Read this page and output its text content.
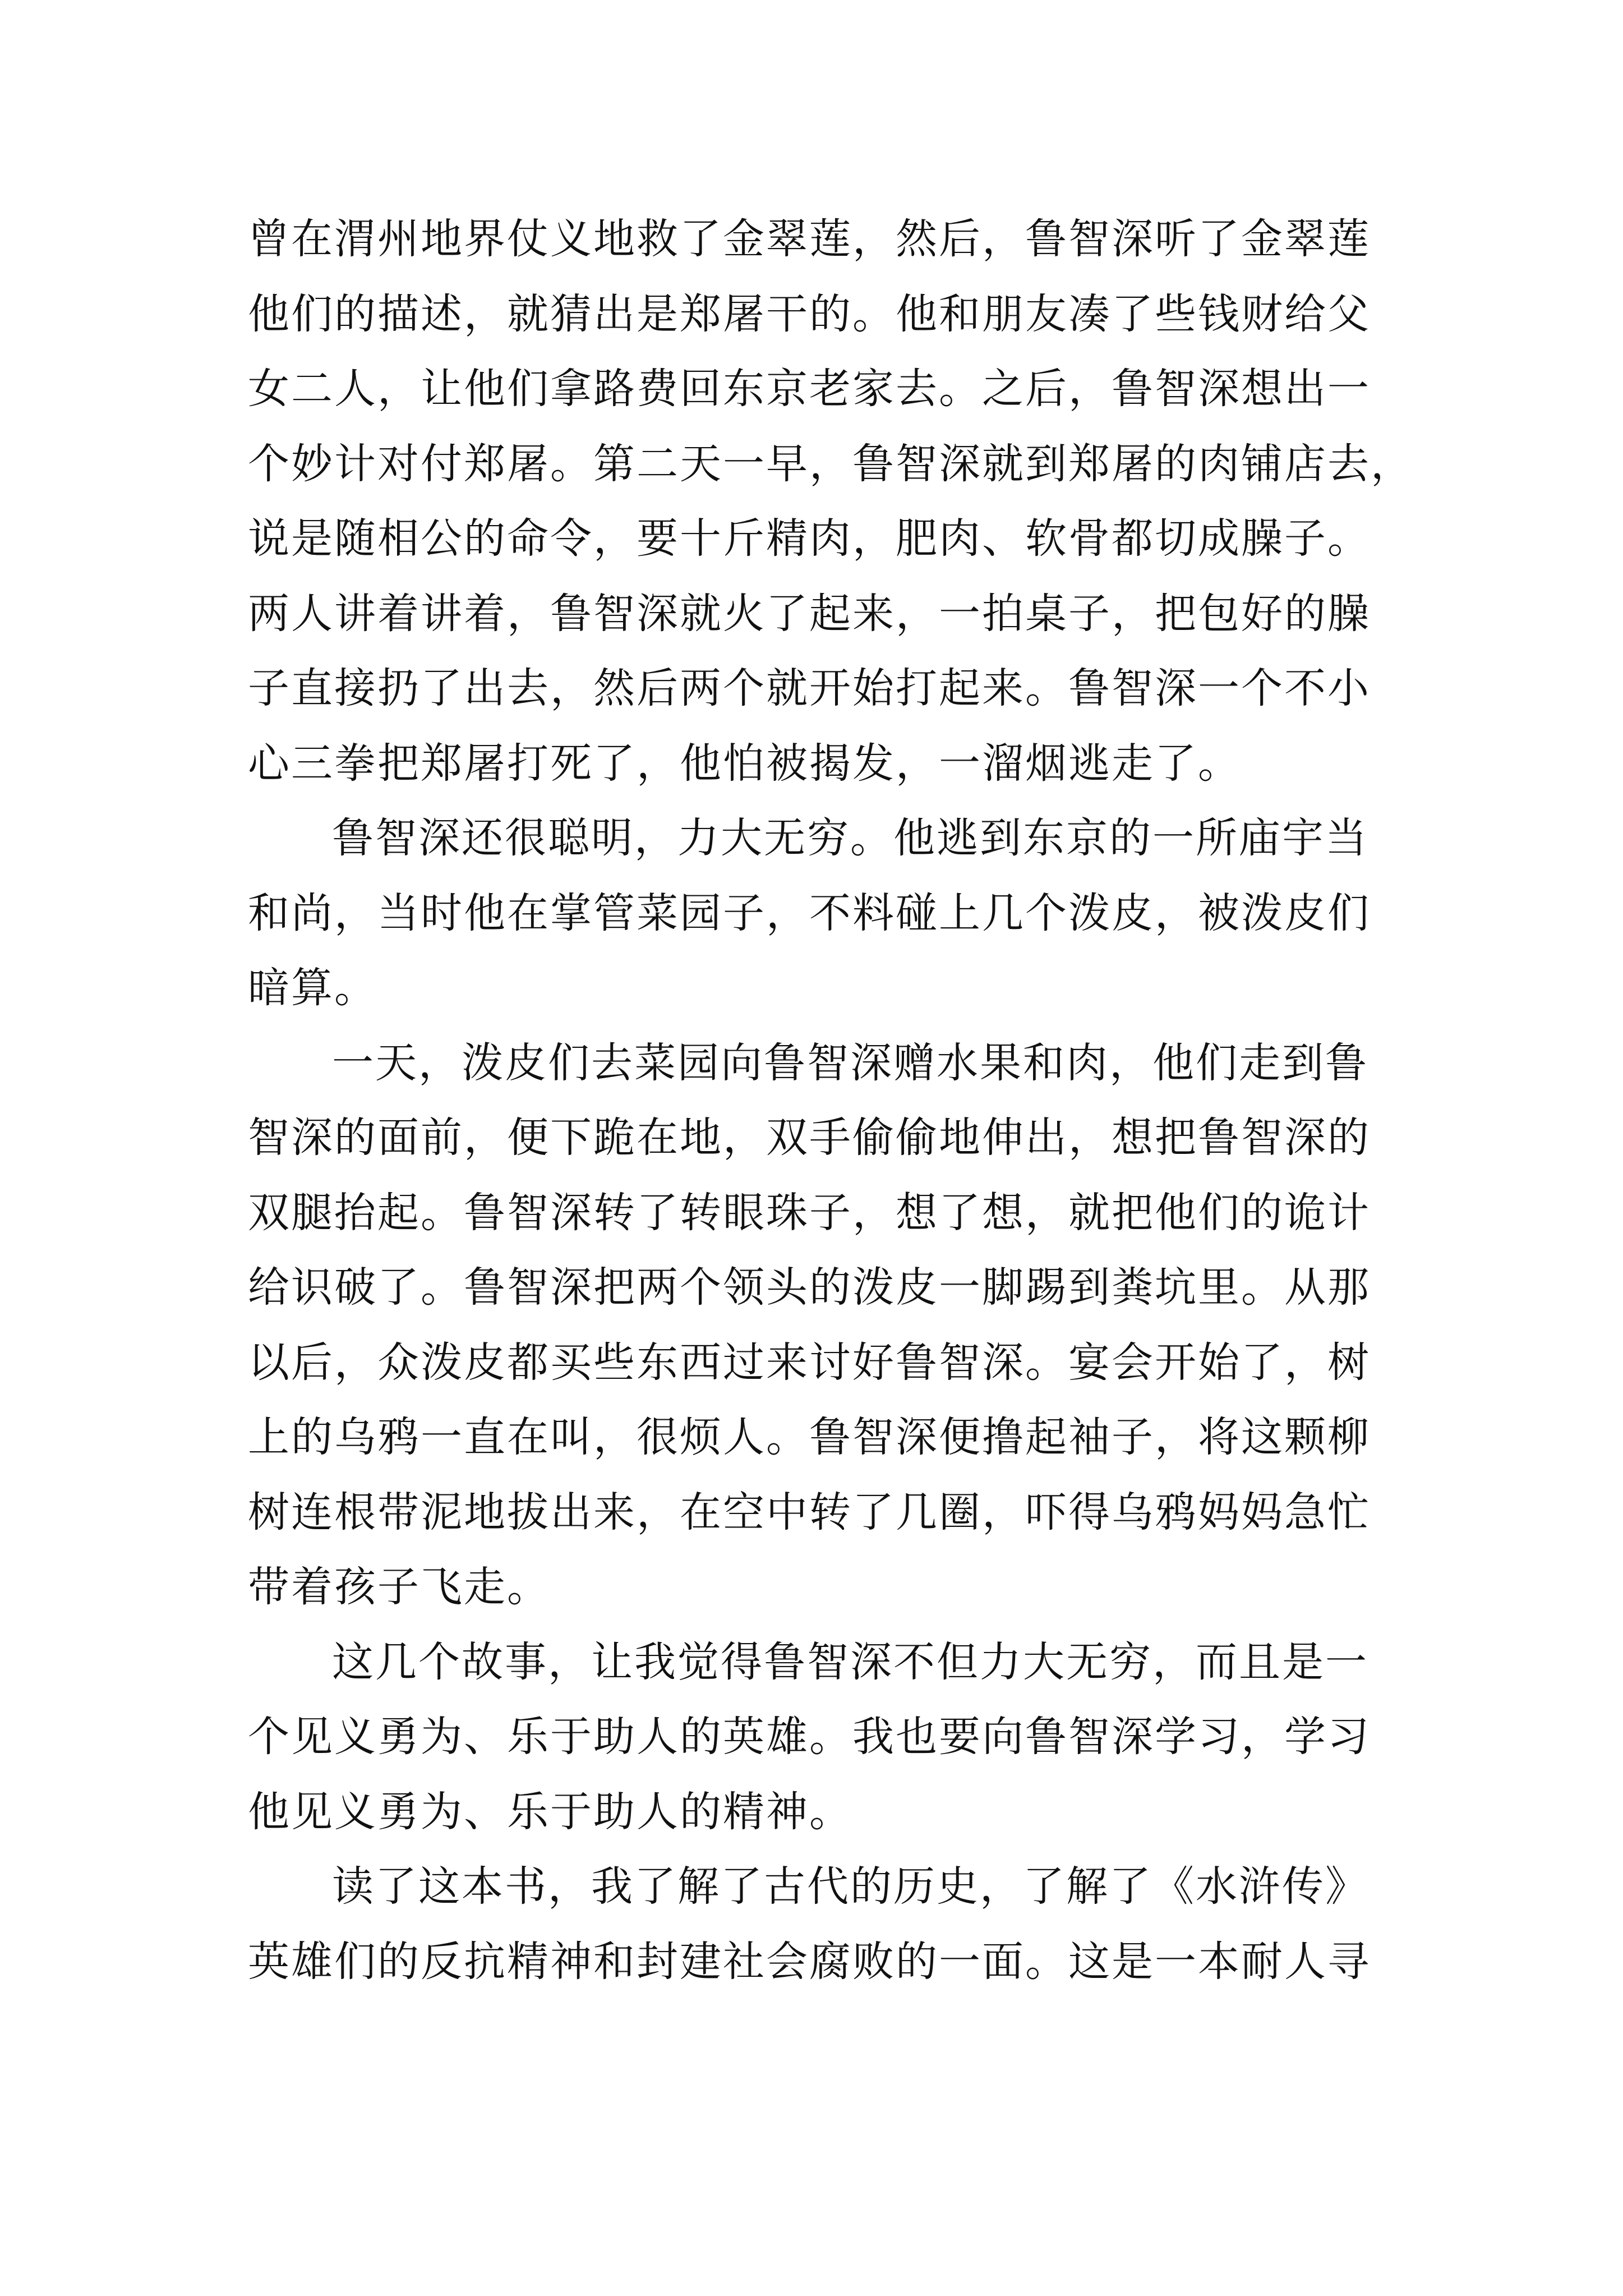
曾在渭州地界仗义地救了金翠莲，然后，鲁智深听了金翠莲
他们的描述，就猜出是郑屠干的。他和朋友凑了些钱财给父
女二人，让他们拿路费回东京老家去。之后，鲁智深想出一
个妙计对付郑屠。第二天一早，鲁智深就到郑屠的肉铺店去，
说是随相公的命令，要十斤精肉，肥肉、软骨都切成臊子。
两人讲着讲着，鲁智深就火了起来，一拍桌子，把包好的臊
子直接扔了出去，然后两个就开始打起来。鲁智深一个不小
心三拳把郑屠打死了，他怕被揭发，一溜烟逃走了。
鲁智深还很聪明，力大无穷。他逃到东京的一所庙宇当
和尚，当时他在掌管菜园子，不料碰上几个泼皮，被泼皮们
暗算。
一天，泼皮们去菜园向鲁智深赠水果和肉，他们走到鲁
智深的面前，便下跪在地，双手偷偷地伸出，想把鲁智深的
双腿抬起。鲁智深转了转眼珠子，想了想，就把他们的诡计
给识破了。鲁智深把两个领头的泼皮一脚踢到粪坑里。从那
以后，众泼皮都买些东西过来讨好鲁智深。宴会开始了，树
上的乌鸦一直在叫，很烦人。鲁智深便撸起袖子，将这颗柳
树连根带泥地拔出来，在空中转了几圈，吓得乌鸦妈妈急忙
带着孩子飞走。
这几个故事，让我觉得鲁智深不但力大无穷，而且是一
个见义勇为、乐于助人的英雄。我也要向鲁智深学习，学习
他见义勇为、乐于助人的精神。
读了这本书，我了解了古代的历史，了解了《水浒传》
英雄们的反抗精神和封建社会腐败的一面。这是一本耐人寻
